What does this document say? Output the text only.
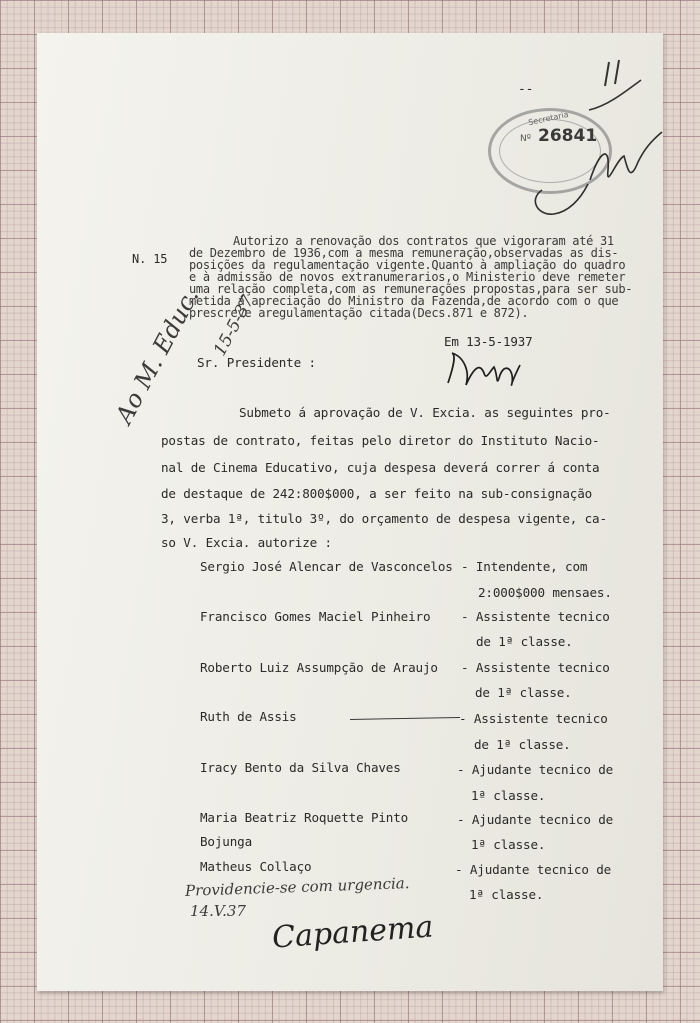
--
Secretaria
Nº 26841
N. 15
Autorizo a renovação dos contratos que vigoraram até 31
de Dezembro de 1936,com a mesma remuneração,observadas as dis-
posições da regulamentação vigente.Quanto à ampliação do quadro
e à admissão de novos extranumerarios,o Ministerio deve remeter
uma relação completa,com as remunerações propostas,para ser sub-
metida á apreciação do Ministro da Fazenda,de acordo com o que
prescreve aregulamentação citada(Decs.871 e 872).
Em 13-5-1937
Ao M. Educ. 15-5-37
Sr. Presidente :
Submeto á aprovação de V. Excia. as seguintes pro-
postas de contrato, feitas pelo diretor do Instituto Nacio-
nal de Cinema Educativo, cuja despesa deverá correr á conta
de destaque de 242:800$000, a ser feito na sub-consignação
3, verba 1ª, titulo 3º, do orçamento de despesa vigente, ca-
so V. Excia. autorize :
Sergio José Alencar de Vasconcelos - Intendente, com
2:000$000 mensaes.
Francisco Gomes Maciel Pinheiro - Assistente tecnico
de 1ª classe.
Roberto Luiz Assumpção de Araujo - Assistente tecnico
de 1ª classe.
Ruth de Assis	- Assistente tecnico
de 1ª classe.
Iracy Bento da Silva Chaves	- Ajudante tecnico de
1ª classe.
Maria Beatriz Roquette Pinto
Bojunga
- Ajudante tecnico de
1ª classe.
Matheus Collaço	- Ajudante tecnico de
1ª classe.
Providencie-se com urgencia.
14.V.37 Capanema
